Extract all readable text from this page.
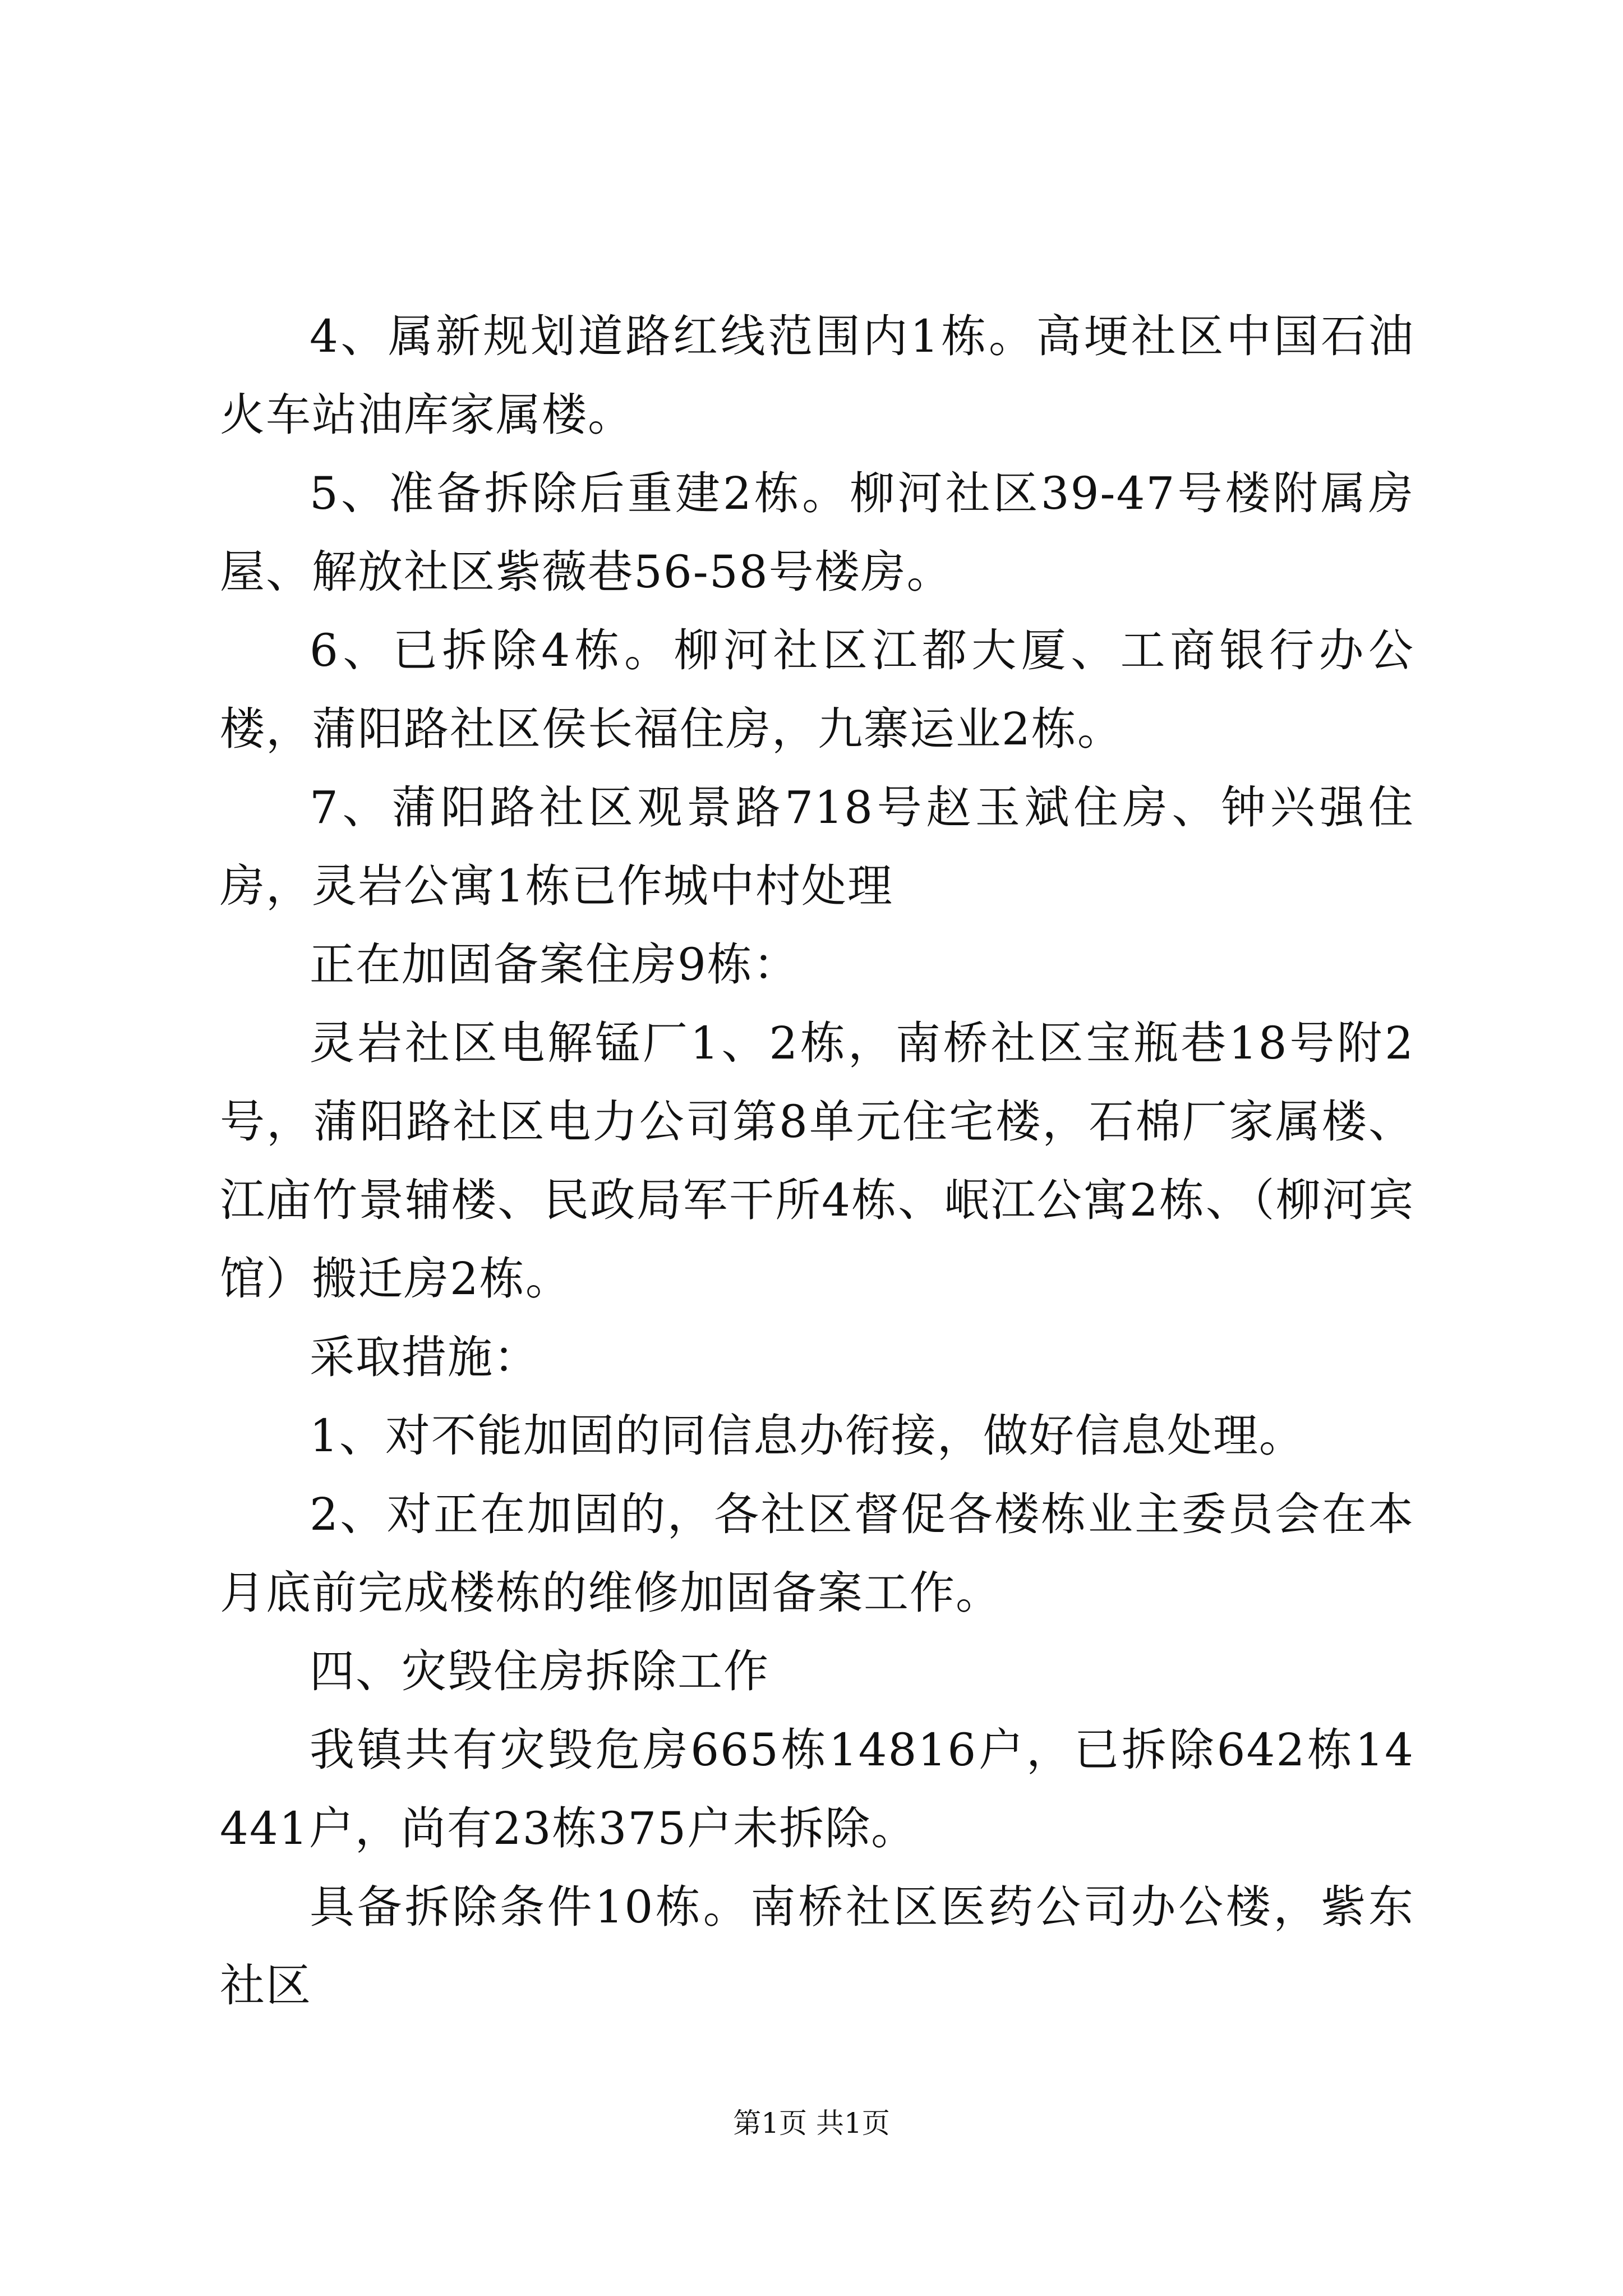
4、属新规划道路红线范围内1栋。高埂社区中国石油火车站油库家属楼。

5、准备拆除后重建2栋。柳河社区39-47号楼附属房屋、解放社区紫薇巷56-58号楼房。

6、已拆除4栋。柳河社区江都大厦、工商银行办公楼，蒲阳路社区侯长福住房，九寨运业2栋。

7、蒲阳路社区观景路718号赵玉斌住房、钟兴强住房，灵岩公寓1栋已作城中村处理

正在加固备案住房9栋：

灵岩社区电解锰厂1、2栋，南桥社区宝瓶巷18号附2号，蒲阳路社区电力公司第8单元住宅楼，石棉厂家属楼、江庙竹景辅楼、民政局军干所4栋、岷江公寓2栋、（柳河宾馆）搬迁房2栋。

采取措施：

1、对不能加固的同信息办衔接，做好信息处理。

2、对正在加固的，各社区督促各楼栋业主委员会在本月底前完成楼栋的维修加固备案工作。

四、灾毁住房拆除工作

我镇共有灾毁危房665栋14816户，已拆除642栋14441户，尚有23栋375户未拆除。

具备拆除条件10栋。南桥社区医药公司办公楼，紫东社区

第1页 共1页
